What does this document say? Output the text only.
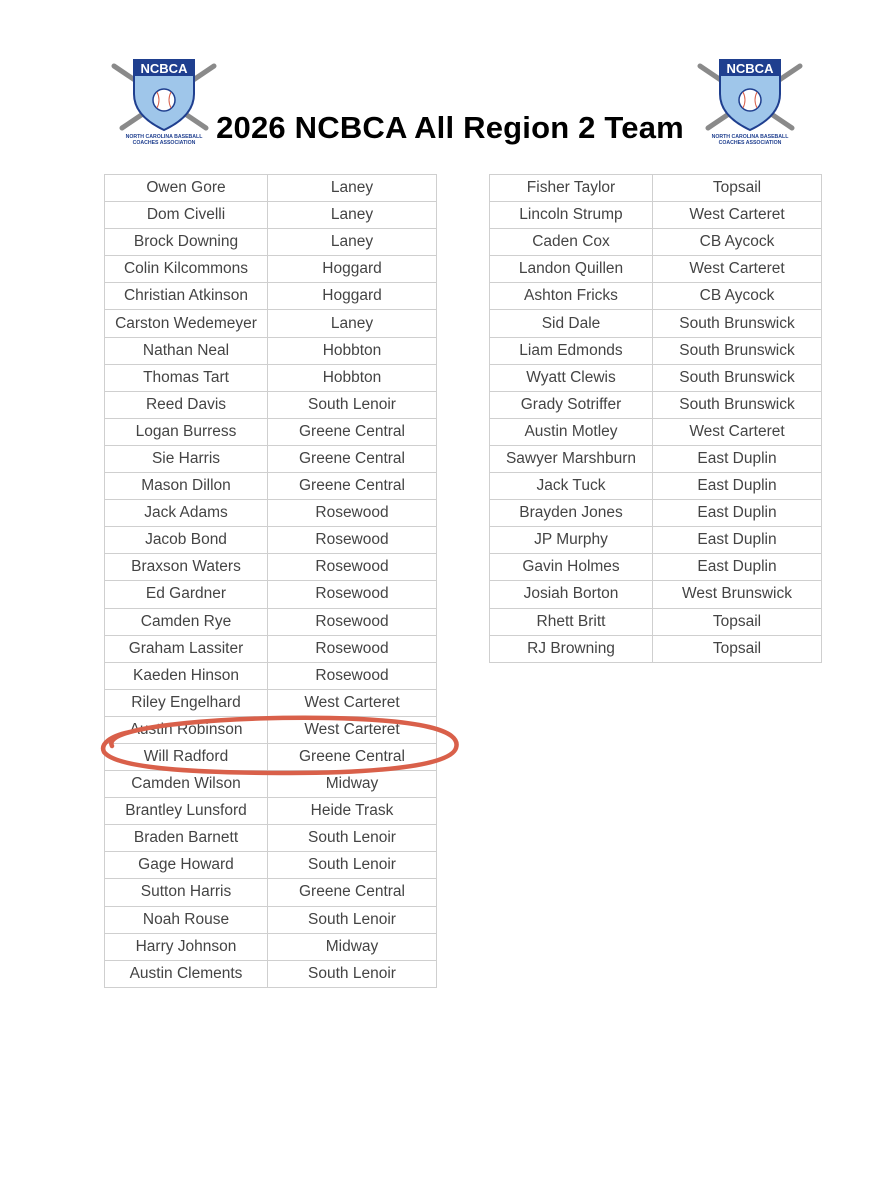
NCBCA
NORTH CAROLINA BASEBALL
COACHES ASSOCIATION
NCBCA
NORTH CAROLINA BASEBALL
COACHES ASSOCIATION
2026 NCBCA All Region 2 Team
Owen Gore	Laney
Dom Civelli	Laney
Brock Downing	Laney
Colin Kilcommons	Hoggard
Christian Atkinson	Hoggard
Carston Wedemeyer	Laney
Nathan Neal	Hobbton
Thomas Tart	Hobbton
Reed Davis	South Lenoir
Logan Burress	Greene Central
Sie Harris	Greene Central
Mason Dillon	Greene Central
Jack Adams	Rosewood
Jacob Bond	Rosewood
Braxson Waters	Rosewood
Ed Gardner	Rosewood
Camden Rye	Rosewood
Graham Lassiter	Rosewood
Kaeden Hinson	Rosewood
Riley Engelhard	West Carteret
Austin Robinson	West Carteret
Will Radford	Greene Central
Camden Wilson	Midway
Brantley Lunsford	Heide Trask
Braden Barnett	South Lenoir
Gage Howard	South Lenoir
Sutton Harris	Greene Central
Noah Rouse	South Lenoir
Harry Johnson	Midway
Austin Clements	South Lenoir
Fisher Taylor	Topsail
Lincoln Strump	West Carteret
Caden Cox	CB Aycock
Landon Quillen	West Carteret
Ashton Fricks	CB Aycock
Sid Dale	South Brunswick
Liam Edmonds	South Brunswick
Wyatt Clewis	South Brunswick
Grady Sotriffer	South Brunswick
Austin Motley	West Carteret
Sawyer Marshburn	East Duplin
Jack Tuck	East Duplin
Brayden Jones	East Duplin
JP Murphy	East Duplin
Gavin Holmes	East Duplin
Josiah Borton	West Brunswick
Rhett Britt	Topsail
RJ Browning	Topsail
